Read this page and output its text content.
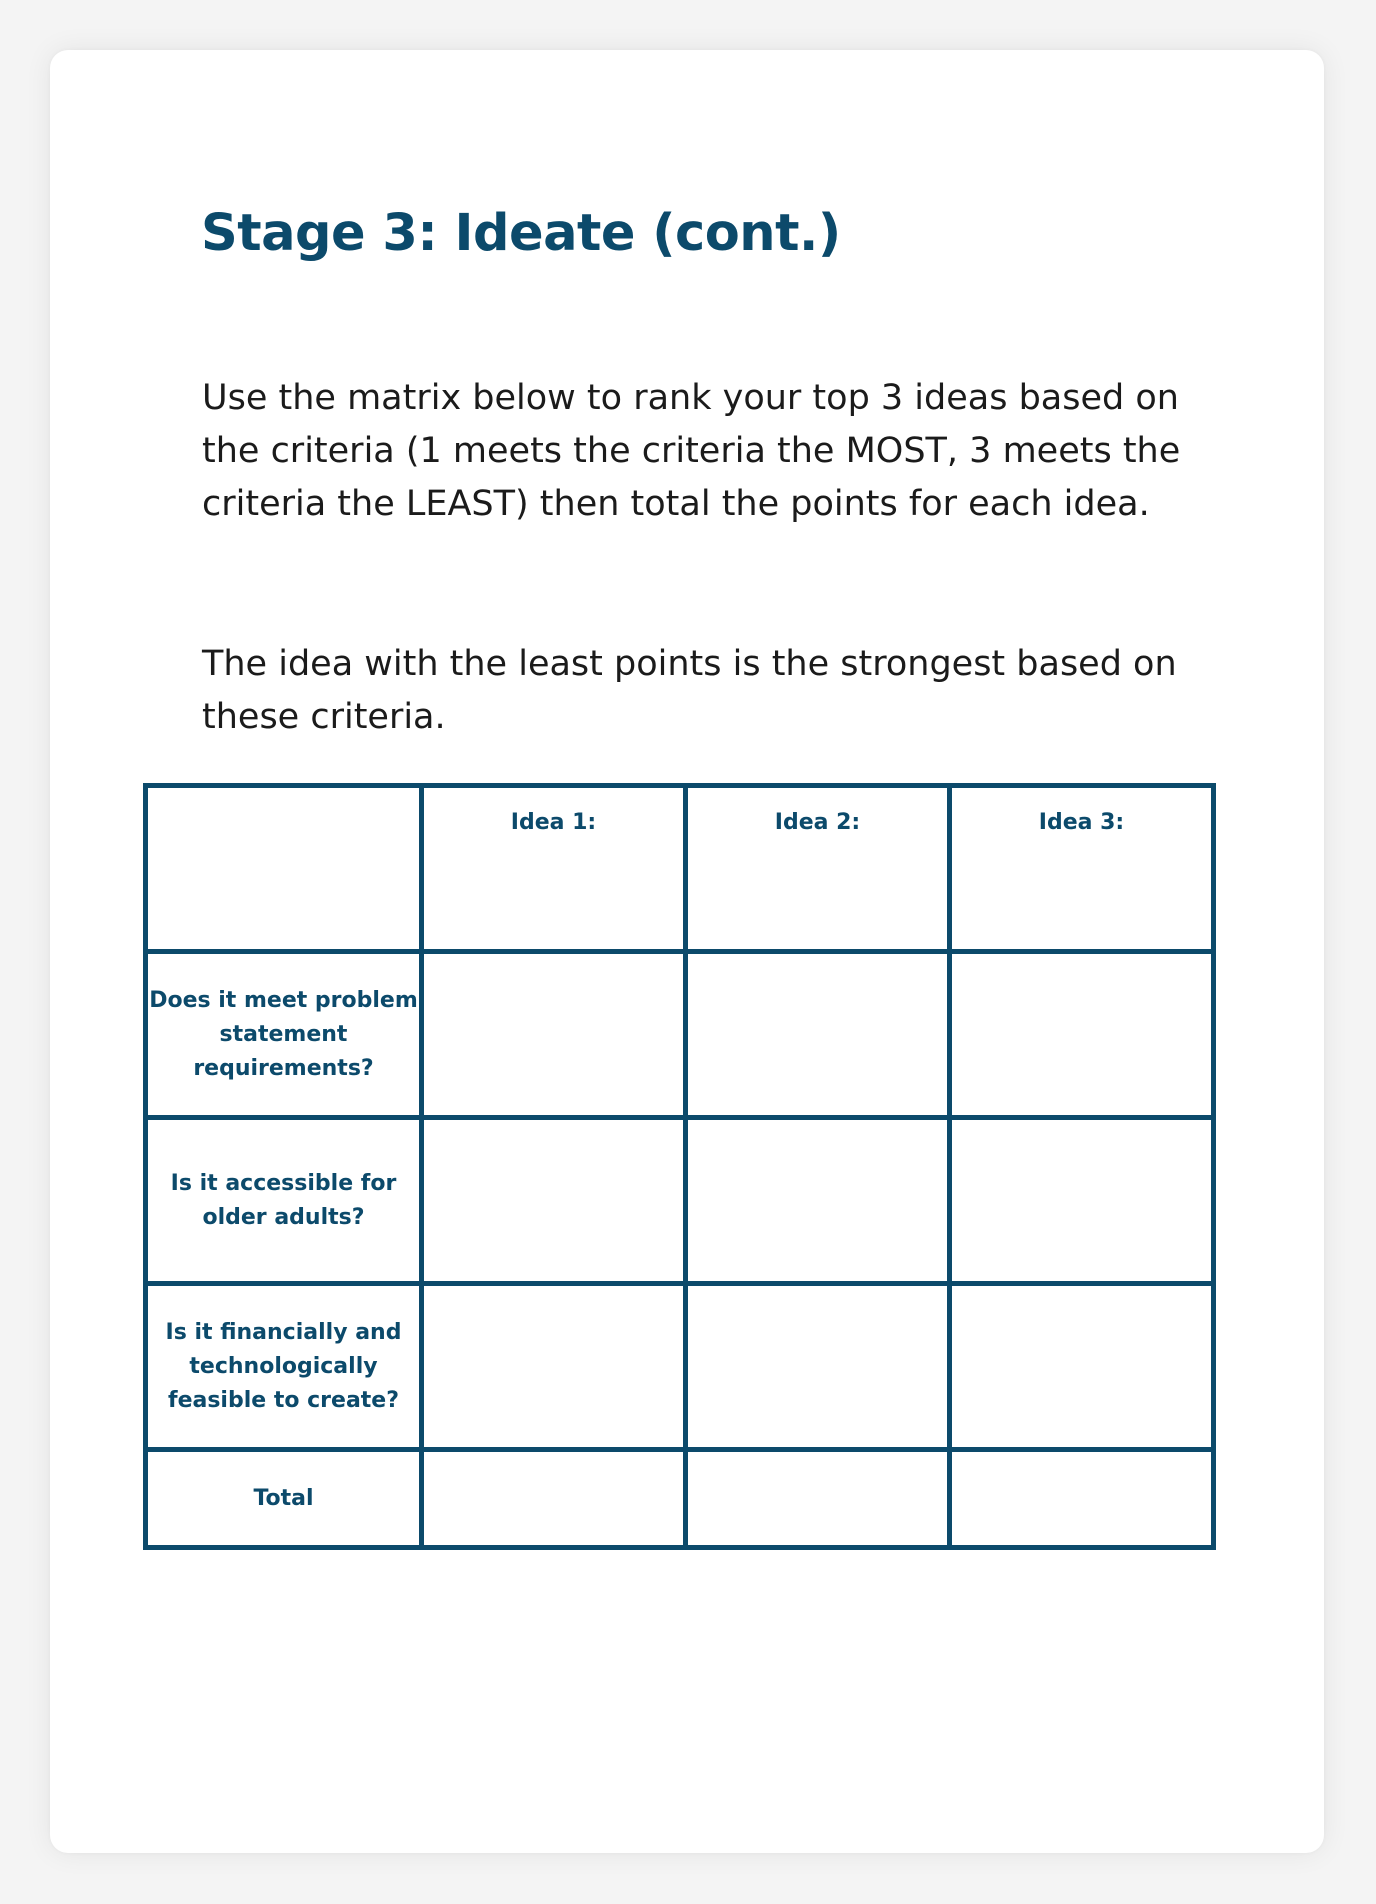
Stage 3: Ideate (cont.)

Use the matrix below to rank your top 3 ideas based on the criteria (1 meets the criteria the MOST, 3 meets the criteria the LEAST) then total the points for each idea.

The idea with the least points is the strongest based on these criteria.

	Idea 1:	Idea 2:	Idea 3:
Does it meet problem statement requirements?			
Is it accessible for older adults?			
Is it financially and technologically feasible to create?			
Total			
